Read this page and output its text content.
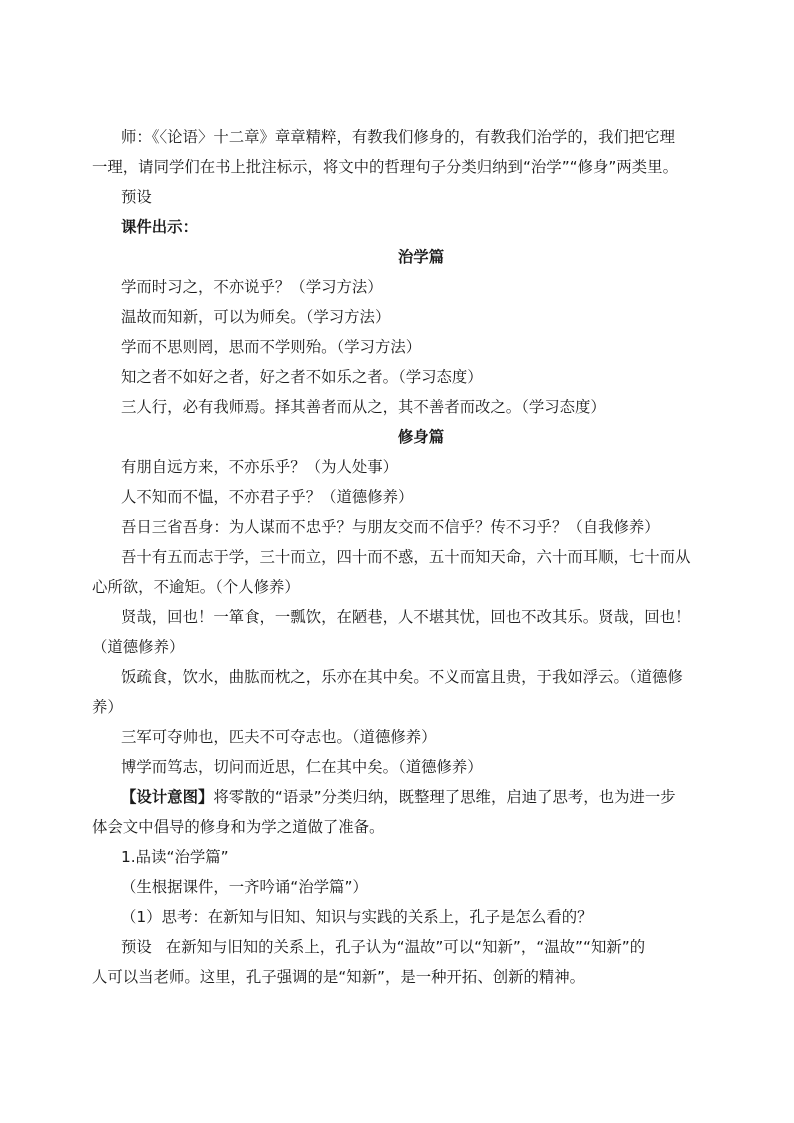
师：《〈论语〉十二章》章章精粹，有教我们修身的，有教我们治学的，我们把它理
一理，请同学们在书上批注标示，将文中的哲理句子分类归纳到“治学”“修身”两类里。
预设
课件出示：
治学篇
学而时习之，不亦说乎？（学习方法）
温故而知新，可以为师矣。（学习方法）
学而不思则罔，思而不学则殆。（学习方法）
知之者不如好之者，好之者不如乐之者。（学习态度）
三人行，必有我师焉。择其善者而从之，其不善者而改之。（学习态度）
修身篇
有朋自远方来，不亦乐乎？（为人处事）
人不知而不愠，不亦君子乎？（道德修养）
吾日三省吾身：为人谋而不忠乎？与朋友交而不信乎？传不习乎？（自我修养）
吾十有五而志于学，三十而立，四十而不惑，五十而知天命，六十而耳顺，七十而从
心所欲，不逾矩。（个人修养）
贤哉，回也！一箪食，一瓢饮，在陋巷，人不堪其忧，回也不改其乐。贤哉，回也！
（道德修养）
饭疏食，饮水，曲肱而枕之，乐亦在其中矣。不义而富且贵，于我如浮云。（道德修
养）
三军可夺帅也，匹夫不可夺志也。（道德修养）
博学而笃志，切问而近思，仁在其中矣。（道德修养）
【设计意图】将零散的“语录”分类归纳，既整理了思维，启迪了思考，也为进一步
体会文中倡导的修身和为学之道做了准备。
1.品读“治学篇”
（生根据课件，一齐吟诵“治学篇”）
（1）思考：在新知与旧知、知识与实践的关系上，孔子是怎么看的？
预设 在新知与旧知的关系上，孔子认为“温故”可以“知新”，“温故”“知新”的
人可以当老师。这里，孔子强调的是“知新”，是一种开拓、创新的精神。
